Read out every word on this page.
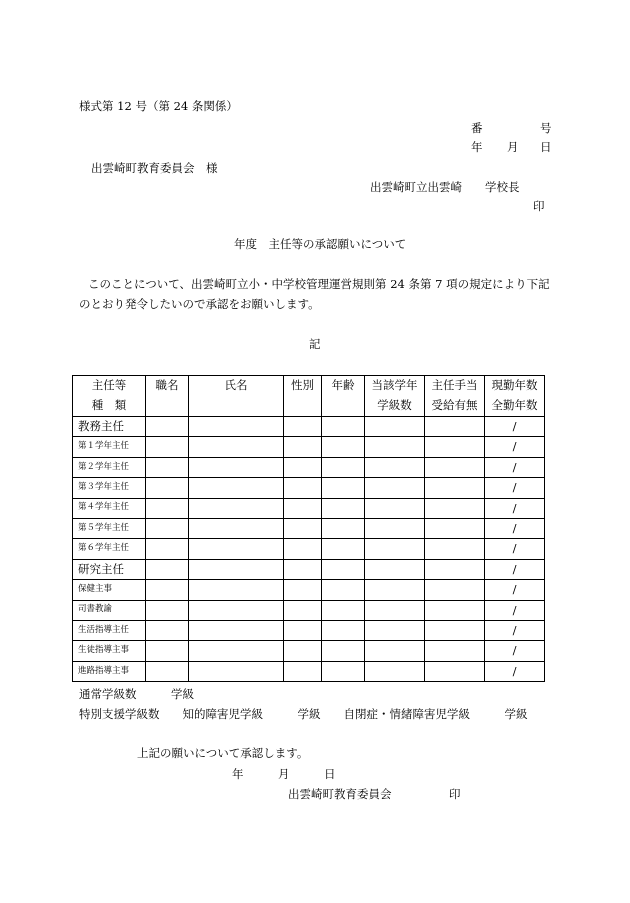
様式第 12 号（第 24 条関係）
番	号
年 月 日
出雲崎町教育委員会　様
出雲崎町立出雲崎　　学校長
印
年度　主任等の承認願いについて
このことについて、出雲崎町立小・中学校管理運営規則第 24 条第 7 項の規定により下記
のとおり発令したいので承認をお願いします。
記
主任等	職名	氏名	性別	年齢	当該学年	主任手当	現勤年数
種　類					学級数	受給有無	全勤年数
教務主任							/
第１学年主任							/
第２学年主任							/
第３学年主任							/
第４学年主任							/
第５学年主任							/
第６学年主任							/
研究主任							/
保健主事							/
司書教諭							/
生活指導主任							/
生徒指導主事							/
進路指導主事							/
通常学級数　　　学級
特別支援学級数　　知的障害児学級　　　学級　　自閉症・情緒障害児学級　　　学級
上記の願いについて承認します。
年　　　月　　　日
出雲崎町教育委員会　　　　　印
